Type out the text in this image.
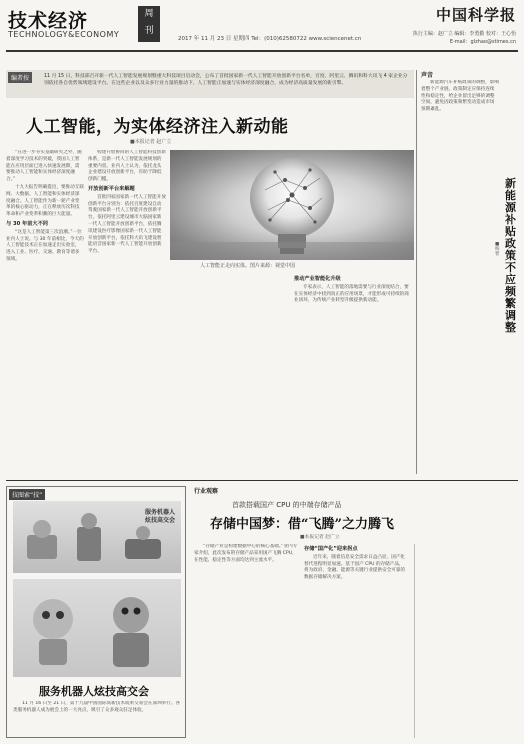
技术经济
TECHNOLOGY&ECONOMY
周
刊
2017 年 11 月 23 日 星期四 Tel：(010)62580722 www.sciencenet.cn
中国科学报
执行主编：赵广立 编辑：李勇勤 校对：王心怡
E-mail：glzhao@stimes.cn
编者按	11 月 15 日，科技部召开新一代人工智能发展规划暨重大科技项目启动会，公布了首批国家新一代人工智能开放创新平台名单，百度、阿里云、腾讯和科大讯飞 4 家企业分别依托各自优势领域建设平台。在这些企业以及众多行业力量的推动下，人工智能正加速与实体经济深度融合，成为经济高质量发展的新引擎。
人工智能，为实体经济注入新动能
■本报记者 赵广立

“在进一步夯实基础研究之外，随着深度学习技术的突破，我国人工智能在应用层面已进入快速发展期，需要推动人工智能和实体经济深度融合。”

十九大报告明确提出，要推动互联网、大数据、人工智能和实体经济深度融合。人工智能作为新一轮产业变革的核心驱动力，正在释放历次科技革命和产业变革积蓄的巨大能量。

与 30 年前大不同

“这是人工智能第三次浪潮。”一位业内人士说。与 30 年前相比，今天的人工智能技术正在加速走出实验室，进入工业、医疗、交通、教育等诸多领域。

构建开放协同的人工智能科技创新体系，是新一代人工智能发展规划的重要内容。业内人士认为，依托龙头企业建设开放创新平台，有助于降低创新门槛。

开放创新平台来解题

首批四家国家新一代人工智能开放创新平台分别为：依托百度建设自动驾驶国家新一代人工智能开放创新平台，依托阿里云建设城市大脑国家新一代人工智能开放创新平台，依托腾讯建设医疗影像国家新一代人工智能开放创新平台，依托科大讯飞建设智能语音国家新一代人工智能开放创新平台。

人工智能正走向实体。图片来源：视觉中国
推动产业智能化升级

专家表示，人工智能的落地需要与行业深度结合，要在实体经济中找到真正的应用场景，才能形成可持续的商业闭环，为传统产业转型升级提供新动能。

声音

新能源汽车补贴政策的调整，影响着整个产业链。政策制定应保持连续性和稳定性，给企业留出足够的调整空间，避免因政策频繁变动造成市场预期紊乱。

新能源补贴政策不应频繁调整
■杨智
技图索“技”
服务机器人
炫技高交会
服务机器人炫技高交会

11 月 16 日至 21 日，第十九届中国国际高新技术成果交易会在深圳举行。各类服务机器人成为展会上的一大亮点，吸引了众多观众驻足体验。

行业观察
首款搭载国产 CPU 的中端存储产品
存储中国梦：借“飞腾”之力腾飞
■本报记者 赵广立

“存储产业是构建数据中心的核心基础。”业内专家介绍，此次发布的存储产品采用国产飞腾 CPU，在性能、稳定性等方面均达到主流水平。

存储“国产化”迎来拐点

近年来，随着信息安全需求日益凸显，国产化替代进程明显加速。基于国产 CPU 的存储产品，将为政府、金融、能源等关键行业提供安全可靠的数据存储解决方案。
